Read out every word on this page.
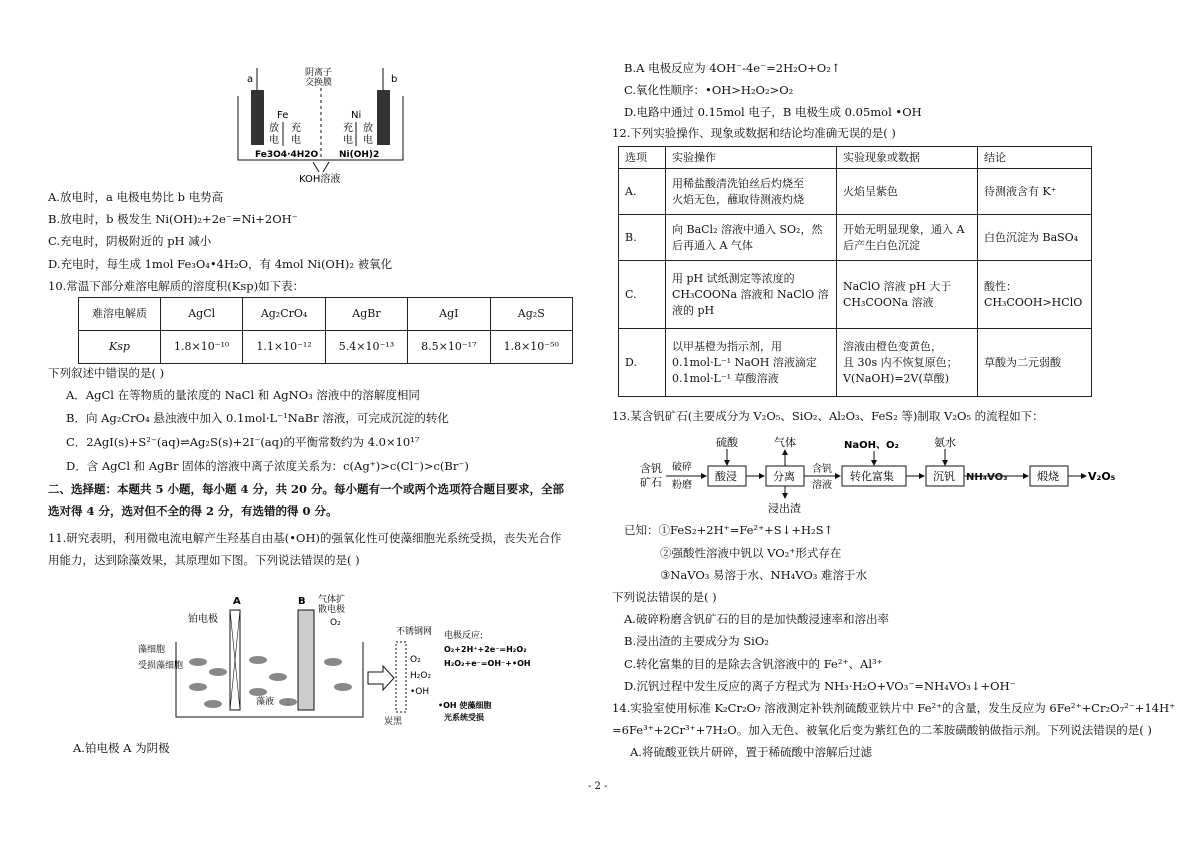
a	b
阴离子
交换膜
Fe	Ni
放
电
充
电
充
电
放
电
Fe3O4·4H2O Ni(OH)2
KOH溶液
A.放电时，a 电极电势比 b 电势高
B.放电时，b 极发生 Ni(OH)₂+2e⁻=Ni+2OH⁻
C.充电时，阴极附近的 pH 减小
D.充电时，每生成 1mol Fe₃O₄•4H₂O，有 4mol Ni(OH)₂ 被氧化
10.常温下部分难溶电解质的溶度积(Ksp)如下表：
难溶电解质	AgCl	Ag₂CrO₄	AgBr	AgI	Ag₂S
Ksp	1.8×10⁻¹⁰	1.1×10⁻¹²	5.4×10⁻¹³	8.5×10⁻¹⁷	1.8×10⁻⁵⁰
下列叙述中错误的是( )
A．AgCl 在等物质的量浓度的 NaCl 和 AgNO₃ 溶液中的溶解度相同
B．向 Ag₂CrO₄ 悬浊液中加入 0.1mol·L⁻¹NaBr 溶液，可完成沉淀的转化
C．2AgI(s)+S²⁻(aq)⇌Ag₂S(s)+2I⁻(aq)的平衡常数约为 4.0×10¹⁷
D．含 AgCl 和 AgBr 固体的溶液中离子浓度关系为：c(Ag⁺)>c(Cl⁻)>c(Br⁻)
二、选择题：本题共 5 小题，每小题 4 分，共 20 分。每小题有一个或两个选项符合题目要求，全部
选对得 4 分，选对但不全的得 2 分，有选错的得 0 分。
11.研究表明，利用微电流电解产生羟基自由基(•OH)的强氧化性可使藻细胞光系统受损，丧失光合作
用能力，达到除藻效果，其原理如下图。下列说法错误的是( )
A	B 气体扩
散电极
O₂
铂电极
藻细胞
受损藻细胞
藻液
不锈钢网
O₂
H₂O₂
•OH
炭黑
电极反应:
O₂+2H⁺+2e⁻=H₂O₂
H₂O₂+e⁻=OH⁻+•OH
•OH 使藻细胞
光系统受损
A.铂电极 A 为阴极
B.A 电极反应为 4OH⁻-4e⁻=2H₂O+O₂↑
C.氧化性顺序：•OH>H₂O₂>O₂
D.电路中通过 0.15mol 电子，B 电极生成 0.05mol •OH
12.下列实验操作、现象或数据和结论均准确无误的是( )
选项	实验操作	实验现象或数据	结论
A.	用稀盐酸清洗铂丝后灼烧至
火焰无色，蘸取待测液灼烧	火焰呈紫色	待测液含有 K⁺
B.	向 BaCl₂ 溶液中通入 SO₂，然
后再通入 A 气体	开始无明显现象，通入 A
后产生白色沉淀	白色沉淀为 BaSO₄
C.	用 pH 试纸测定等浓度的
CH₃COONa 溶液和 NaClO 溶
液的 pH	NaClO 溶液 pH 大于
CH₃COONa 溶液	酸性：
CH₃COOH>HClO
D.	以甲基橙为指示剂，用
0.1mol·L⁻¹ NaOH 溶液滴定
0.1mol·L⁻¹ 草酸溶液	溶液由橙色变黄色，
且 30s 内不恢复原色；
V(NaOH)=2V(草酸)	草酸为二元弱酸
13.某含钒矿石(主要成分为 V₂O₅、SiO₂、Al₂O₃、FeS₂ 等)制取 V₂O₅ 的流程如下：
含钒
矿石
破碎
粉磨
酸浸
硫酸
分离
气体
浸出渣
含钒
溶液
转化富集
NaOH、O₂
沉钒
氨水
NH₄VO₃	煅烧	V₂O₅
已知：①FeS₂+2H⁺=Fe²⁺+S↓+H₂S↑
②强酸性溶液中钒以 VO₂⁺形式存在
③NaVO₃ 易溶于水、NH₄VO₃ 难溶于水
下列说法错误的是( )
A.破碎粉磨含钒矿石的目的是加快酸浸速率和溶出率
B.浸出渣的主要成分为 SiO₂
C.转化富集的目的是除去含钒溶液中的 Fe²⁺、Al³⁺
D.沉钒过程中发生反应的离子方程式为 NH₃·H₂O+VO₃⁻=NH₄VO₃↓+OH⁻
14.实验室使用标准 K₂Cr₂O₇ 溶液测定补铁剂硫酸亚铁片中 Fe²⁺的含量，发生反应为 6Fe²⁺+Cr₂O₇²⁻+14H⁺
=6Fe³⁺+2Cr³⁺+7H₂O。加入无色、被氧化后变为紫红色的二苯胺磺酸钠做指示剂。下列说法错误的是( )
A.将硫酸亚铁片研碎，置于稀硫酸中溶解后过滤
- 2 -
